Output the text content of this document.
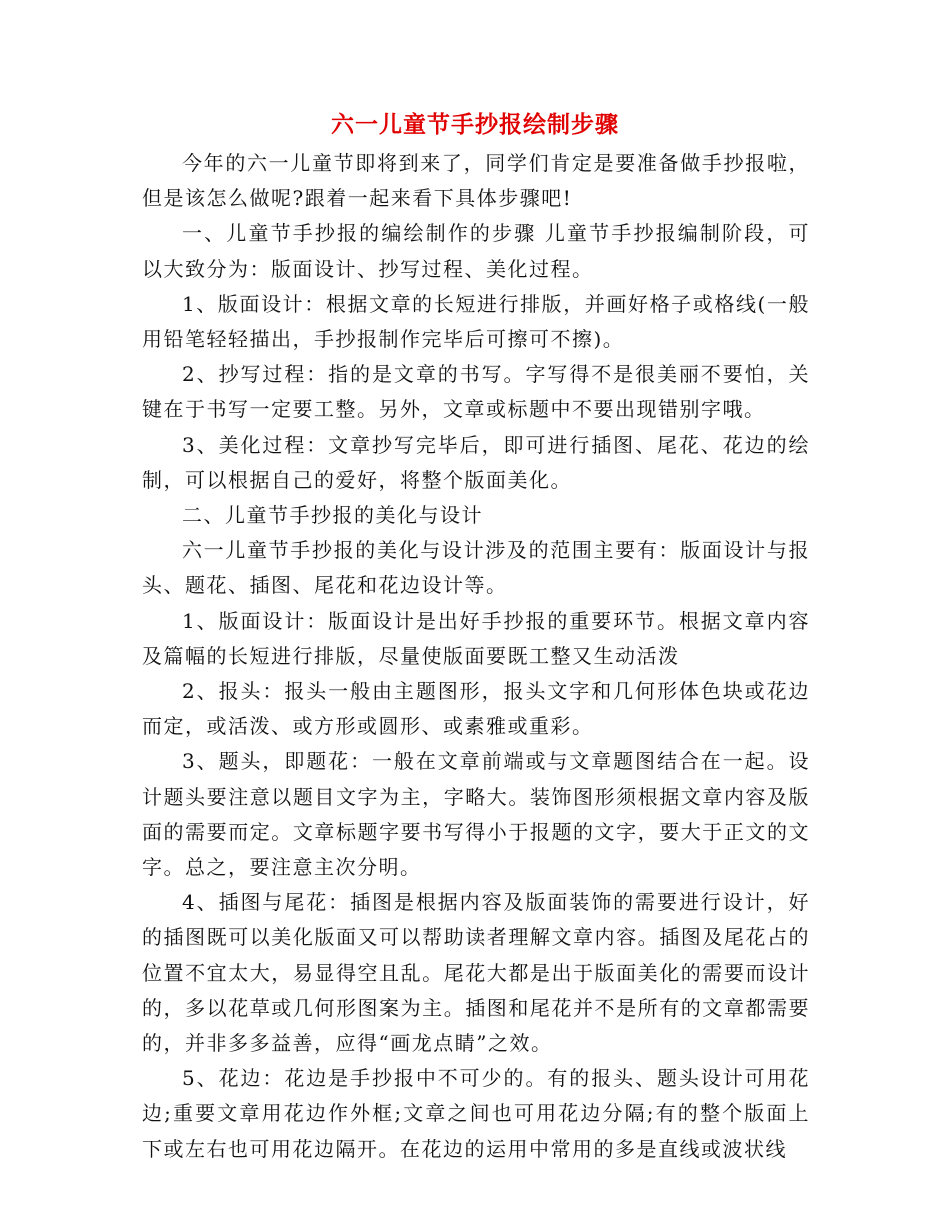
六一儿童节手抄报绘制步骤

今年的六一儿童节即将到来了，同学们肯定是要准备做手抄报啦，但是该怎么做呢?跟着一起来看下具体步骤吧!

一、儿童节手抄报的编绘制作的步骤 儿童节手抄报编制阶段，可以大致分为：版面设计、抄写过程、美化过程。

1、版面设计：根据文章的长短进行排版，并画好格子或格线(一般用铅笔轻轻描出，手抄报制作完毕后可擦可不擦)。

2、抄写过程：指的是文章的书写。字写得不是很美丽不要怕，关键在于书写一定要工整。另外，文章或标题中不要出现错别字哦。

3、美化过程：文章抄写完毕后，即可进行插图、尾花、花边的绘制，可以根据自己的爱好，将整个版面美化。

二、儿童节手抄报的美化与设计

六一儿童节手抄报的美化与设计涉及的范围主要有：版面设计与报头、题花、插图、尾花和花边设计等。

1、版面设计：版面设计是出好手抄报的重要环节。根据文章内容及篇幅的长短进行排版，尽量使版面要既工整又生动活泼

2、报头：报头一般由主题图形，报头文字和几何形体色块或花边而定，或活泼、或方形或圆形、或素雅或重彩。

3、题头，即题花：一般在文章前端或与文章题图结合在一起。设计题头要注意以题目文字为主，字略大。装饰图形须根据文章内容及版面的需要而定。文章标题字要书写得小于报题的文字，要大于正文的文字。总之，要注意主次分明。

4、插图与尾花：插图是根据内容及版面装饰的需要进行设计，好的插图既可以美化版面又可以帮助读者理解文章内容。插图及尾花占的位置不宜太大，易显得空且乱。尾花大都是出于版面美化的需要而设计的，多以花草或几何形图案为主。插图和尾花并不是所有的文章都需要的，并非多多益善，应得“画龙点睛”之效。

5、花边：花边是手抄报中不可少的。有的报头、题头设计可用花边;重要文章用花边作外框;文章之间也可用花边分隔;有的整个版面上下或左右也可用花边隔开。在花边的运用中常用的多是直线或波状线
